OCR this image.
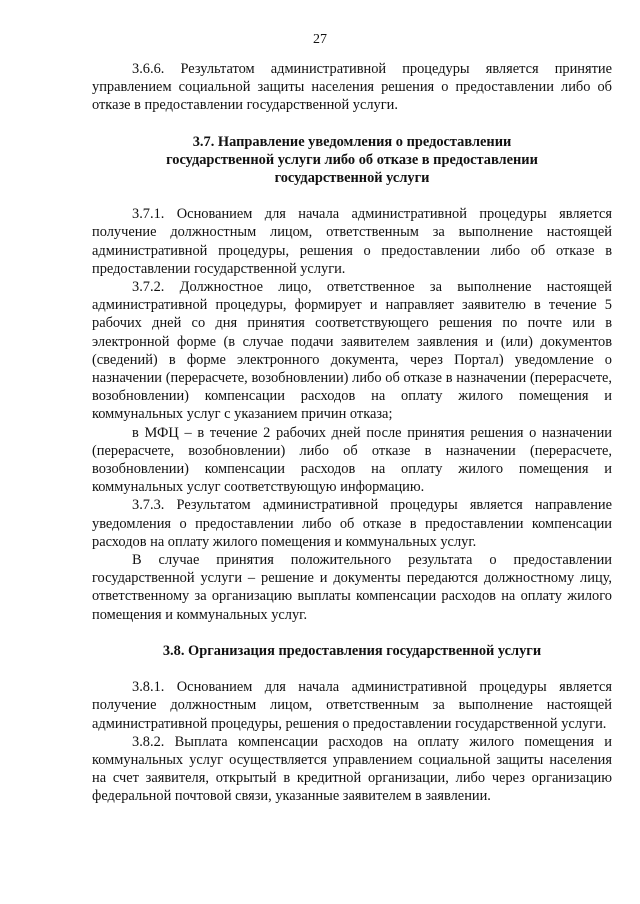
27

3.6.6. Результатом административной процедуры является принятие управлением социальной защиты населения решения о предоставлении либо об отказе в предоставлении государственной услуги.

3.7. Направление уведомления о предоставлении

государственной услуги либо об отказе в предоставлении

государственной услуги

3.7.1. Основанием для начала административной процедуры является получение должностным лицом, ответственным за выполнение настоящей административной процедуры, решения о предоставлении либо об отказе в предоставлении государственной услуги.

3.7.2. Должностное лицо, ответственное за выполнение настоящей административной процедуры, формирует и направляет заявителю в течение 5 рабочих дней со дня принятия соответствующего решения по почте или в электронной форме (в случае подачи заявителем заявления и (или) документов (сведений) в форме электронного документа, через Портал) уведомление о назначении (перерасчете, возобновлении) либо об отказе в назначении (перерасчете, возобновлении) компенсации расходов на оплату жилого помещения и коммунальных услуг с указанием причин отказа;

в МФЦ – в течение 2 рабочих дней после принятия решения о назначении (перерасчете, возобновлении) либо об отказе в назначении (перерасчете, возобновлении) компенсации расходов на оплату жилого помещения и коммунальных услуг соответствующую информацию.

3.7.3. Результатом административной процедуры является направление уведомления о предоставлении либо об отказе в предоставлении компенсации расходов на оплату жилого помещения и коммунальных услуг.

В случае принятия положительного результата о предоставлении государственной услуги – решение и документы передаются должностному лицу, ответственному за организацию выплаты компенсации расходов на оплату жилого помещения и коммунальных услуг.

3.8. Организация предоставления государственной услуги

3.8.1. Основанием для начала административной процедуры является получение должностным лицом, ответственным за выполнение настоящей административной процедуры, решения о предоставлении государственной услуги.

3.8.2. Выплата компенсации расходов на оплату жилого помещения и коммунальных услуг осуществляется управлением социальной защиты населения на счет заявителя, открытый в кредитной организации, либо через организацию федеральной почтовой связи, указанные заявителем в заявлении.
